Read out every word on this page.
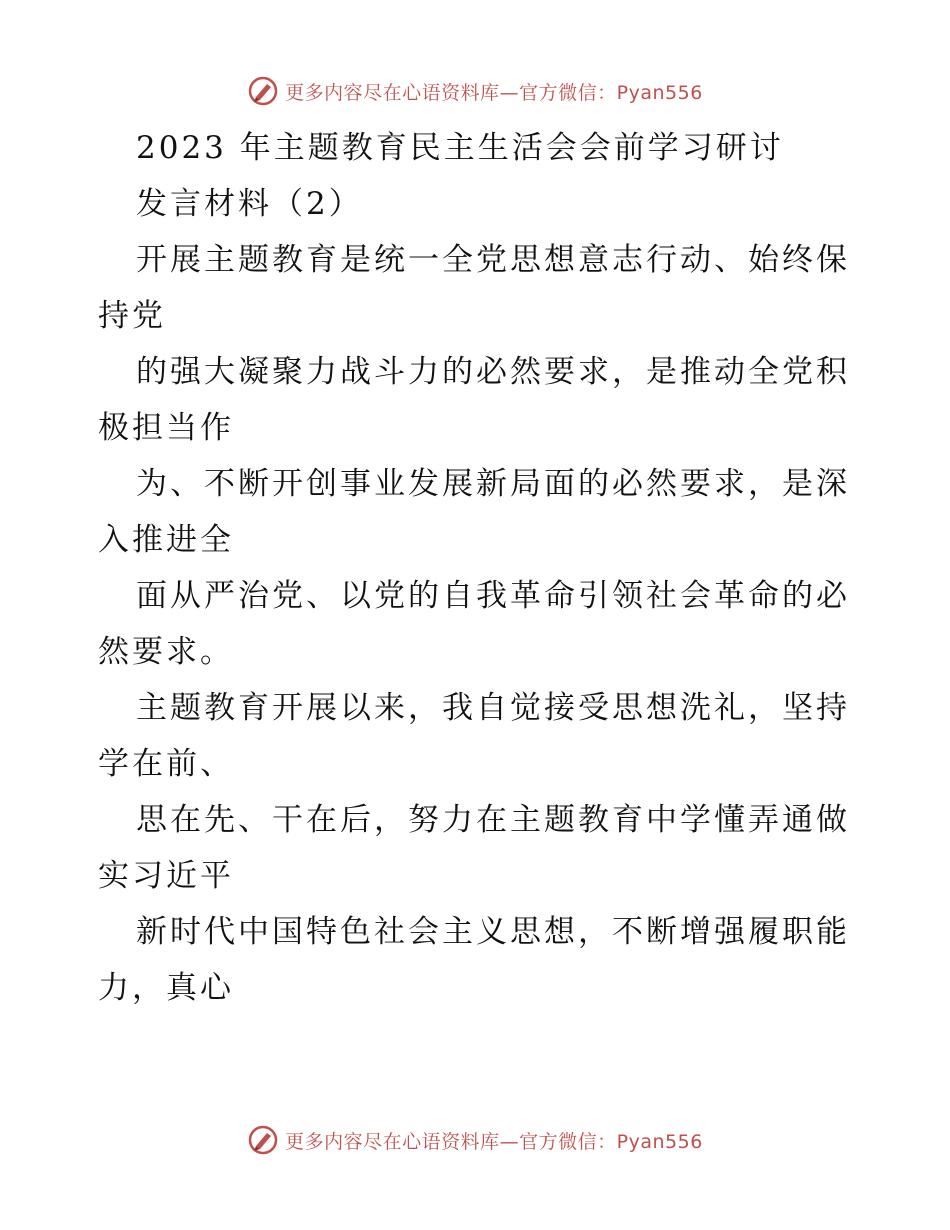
更多内容尽在心语资料库—官方微信：Pyan556
2023 年主题教育民主生活会会前学习研讨
发言材料（2）
开展主题教育是统一全党思想意志行动、始终保
持党
的强大凝聚力战斗力的必然要求，是推动全党积
极担当作
为、不断开创事业发展新局面的必然要求，是深
入推进全
面从严治党、以党的自我革命引领社会革命的必
然要求。
主题教育开展以来，我自觉接受思想洗礼，坚持
学在前、
思在先、干在后，努力在主题教育中学懂弄通做
实习近平
新时代中国特色社会主义思想，不断增强履职能
力，真心
更多内容尽在心语资料库—官方微信：Pyan556
